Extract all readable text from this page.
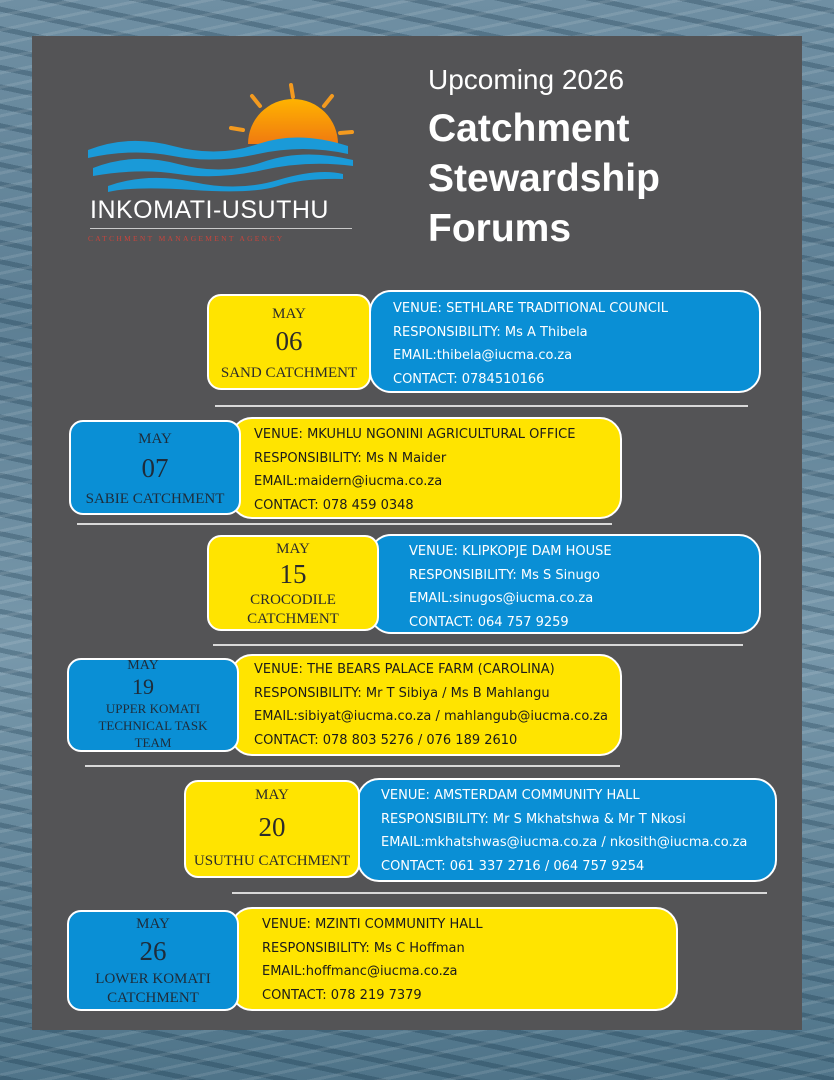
INKOMATI-USUTHU
CATCHMENT MANAGEMENT AGENCY
Upcoming 2026
Catchment Stewardship Forums
VENUE: SETHLARE TRADITIONAL COUNCIL
RESPONSIBILITY: Ms A Thibela
EMAIL:thibela@iucma.co.za
CONTACT: 0784510166
MAY
06
SAND CATCHMENT
VENUE: MKUHLU NGONINI AGRICULTURAL OFFICE
RESPONSIBILITY: Ms N Maider
EMAIL:maidern@iucma.co.za
CONTACT: 078 459 0348
MAY
07
SABIE CATCHMENT
VENUE: KLIPKOPJE DAM HOUSE
RESPONSIBILITY: Ms S Sinugo
EMAIL:sinugos@iucma.co.za
CONTACT: 064 757 9259
MAY
15
CROCODILE CATCHMENT
VENUE: THE BEARS PALACE FARM (CAROLINA)
RESPONSIBILITY: Mr T Sibiya / Ms B Mahlangu
EMAIL:sibiyat@iucma.co.za / mahlangub@iucma.co.za
CONTACT: 078 803 5276 / 076 189 2610
MAY
19
UPPER KOMATI TECHNICAL TASK TEAM
VENUE: AMSTERDAM COMMUNITY HALL
RESPONSIBILITY: Mr S Mkhatshwa & Mr T Nkosi
EMAIL:mkhatshwas@iucma.co.za / nkosith@iucma.co.za
CONTACT: 061 337 2716 / 064 757 9254
MAY
20
USUTHU CATCHMENT
VENUE: MZINTI COMMUNITY HALL
RESPONSIBILITY: Ms C Hoffman
EMAIL:hoffmanc@iucma.co.za
CONTACT: 078 219 7379
MAY
26
LOWER KOMATI CATCHMENT
